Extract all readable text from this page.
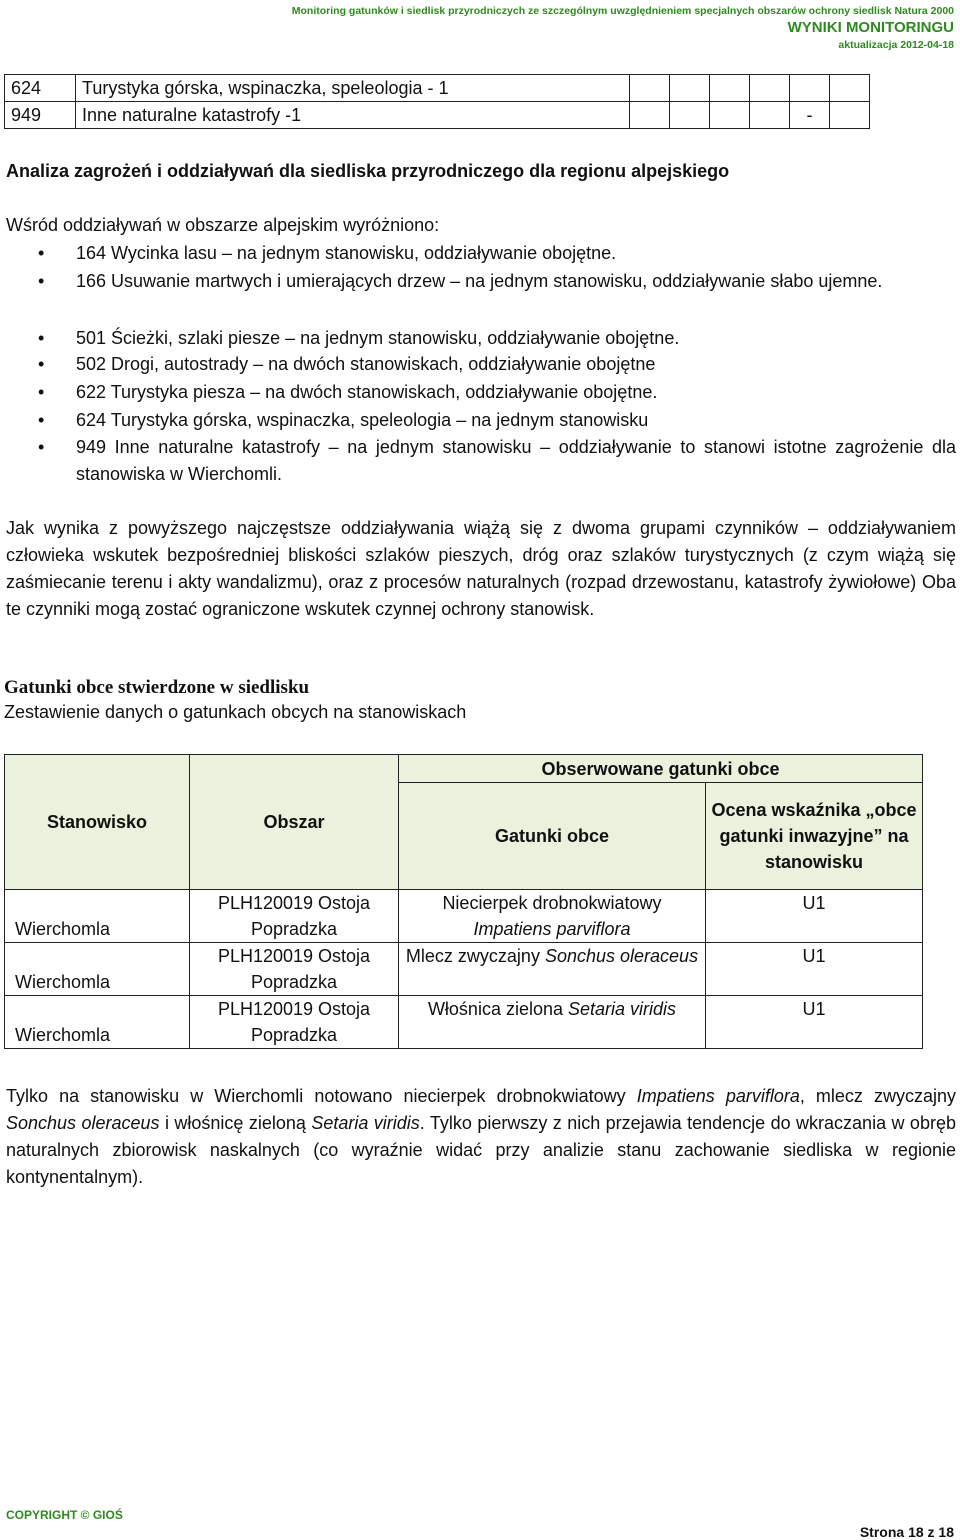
Monitoring gatunków i siedlisk przyrodniczych ze szczególnym uwzględnieniem specjalnych obszarów ochrony siedlisk Natura 2000
WYNIKI MONITORINGU
aktualizacja 2012-04-18
624	Turystyka górska, wspinaczka, speleologia - 1						
949	Inne naturalne katastrofy -1					-	
Analiza zagrożeń i oddziaływań dla siedliska przyrodniczego dla regionu alpejskiego
Wśród oddziaływań w obszarze alpejskim wyróżniono:
• 164 Wycinka lasu – na jednym stanowisku, oddziaływanie obojętne.
• 166 Usuwanie martwych i umierających drzew – na jednym stanowisku, oddziaływanie słabo ujemne.
• 501 Ścieżki, szlaki piesze – na jednym stanowisku, oddziaływanie obojętne.
• 502 Drogi, autostrady – na dwóch stanowiskach, oddziaływanie obojętne
• 622 Turystyka piesza – na dwóch stanowiskach, oddziaływanie obojętne.
• 624 Turystyka górska, wspinaczka, speleologia – na jednym stanowisku
• 949 Inne naturalne katastrofy – na jednym stanowisku – oddziaływanie to stanowi istotne zagrożenie dla stanowiska w Wierchomli.
Jak wynika z powyższego najczęstsze oddziaływania wiążą się z dwoma grupami czynników – oddziaływaniem człowieka wskutek bezpośredniej bliskości szlaków pieszych, dróg oraz szlaków turystycznych (z czym wiążą się zaśmiecanie terenu i akty wandalizmu), oraz z procesów naturalnych (rozpad drzewostanu, katastrofy żywiołowe) Oba te czynniki mogą zostać ograniczone wskutek czynnej ochrony stanowisk.
Gatunki obce stwierdzone w siedlisku
Zestawienie danych o gatunkach obcych na stanowiskach
Stanowisko	Obszar	Obserwowane gatunki obce	
		Gatunki obce	Ocena wskaźnika „obce gatunki inwazyjne” na stanowisku
Wierchomla	PLH120019 Ostoja Popradzka	Niecierpek drobnokwiatowy Impatiens parviflora	U1
Wierchomla	PLH120019 Ostoja Popradzka	Mlecz zwyczajny Sonchus oleraceus	U1
Wierchomla	PLH120019 Ostoja Popradzka	Włośnica zielona Setaria viridis	U1
Tylko na stanowisku w Wierchomli notowano niecierpek drobnokwiatowy Impatiens parviflora, mlecz zwyczajny Sonchus oleraceus i włośnicę zieloną Setaria viridis. Tylko pierwszy z nich przejawia tendencje do wkraczania w obręb naturalnych zbiorowisk naskalnych (co wyraźnie widać przy analizie stanu zachowanie siedliska w regionie kontynentalnym).
COPYRIGHT © GIOŚ
Strona 18 z 18
